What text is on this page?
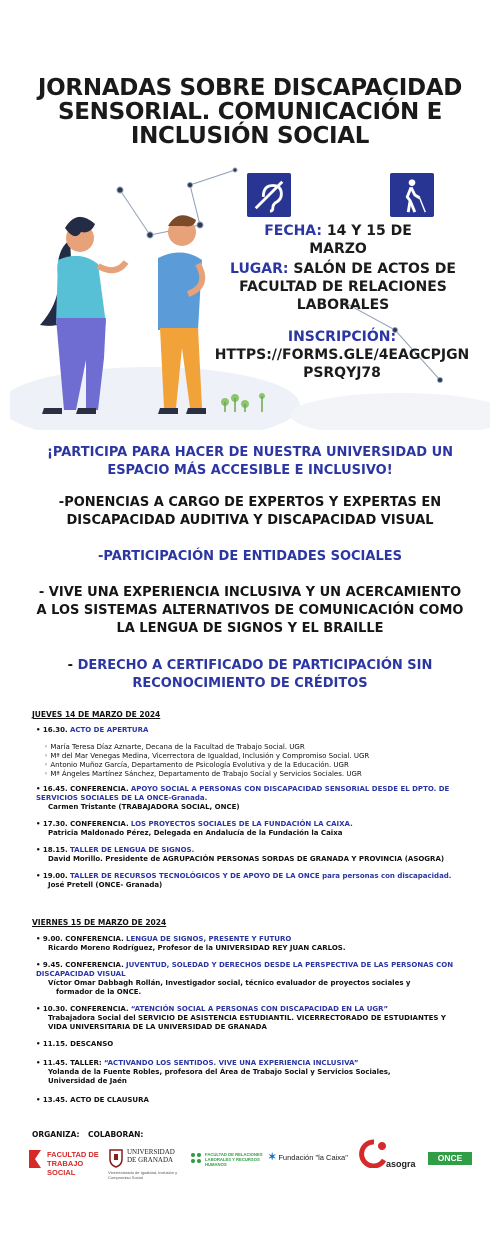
JORNADAS SOBRE DISCAPACIDAD
SENSORIAL. COMUNICACIÓN E
INCLUSIÓN SOCIAL
FECHA: 14 Y 15 DE MARZO
LUGAR: SALÓN DE ACTOS DE
FACULTAD DE RELACIONES
LABORALES
INSCRIPCIÓN:
HTTPS://FORMS.GLE/4EAGCPJGN
PSRQYJ78
¡PARTICIPA PARA HACER DE NUESTRA UNIVERSIDAD UN
ESPACIO MÁS ACCESIBLE E INCLUSIVO!
-PONENCIAS A CARGO DE EXPERTOS Y EXPERTAS EN
DISCAPACIDAD AUDITIVA Y DISCAPACIDAD VISUAL
-PARTICIPACIÓN DE ENTIDADES SOCIALES
- VIVE UNA EXPERIENCIA INCLUSIVA Y UN ACERCAMIENTO
A LOS SISTEMAS ALTERNATIVOS DE COMUNICACIÓN COMO
LA LENGUA DE SIGNOS Y EL BRAILLE
- DERECHO A CERTIFICADO DE PARTICIPACIÓN SIN
RECONOCIMIENTO DE CRÉDITOS
JUEVES 14 DE MARZO DE 2024
• 16.30. ACTO DE APERTURA
◦ María Teresa Díaz Aznarte, Decana de la Facultad de Trabajo Social. UGR
◦ Mª del Mar Venegas Medina, Vicerrectora de Igualdad, Inclusión y Compromiso Social. UGR
◦ Antonio Muñoz García, Departamento de Psicología Evolutiva y de la Educación. UGR
◦ Mª Ángeles Martínez Sánchez, Departamento de Trabajo Social y Servicios Sociales. UGR
• 16.45. CONFERENCIA. APOYO SOCIAL A PERSONAS CON DISCAPACIDAD SENSORIAL DESDE EL DPTO. DE
SERVICIOS SOCIALES DE LA ONCE-Granada.
Carmen Tristante (TRABAJADORA SOCIAL, ONCE)
• 17.30. CONFERENCIA. LOS PROYECTOS SOCIALES DE LA FUNDACIÓN LA CAIXA.
Patricia Maldonado Pérez, Delegada en Andalucía de la Fundación la Caixa
• 18.15. TALLER DE LENGUA DE SIGNOS.
David Morillo. Presidente de AGRUPACIÓN PERSONAS SORDAS DE GRANADA Y PROVINCIA (ASOGRA)
• 19.00. TALLER DE RECURSOS TECNOLÓGICOS Y DE APOYO DE LA ONCE para personas con discapacidad.
José Pretell (ONCE- Granada)
VIERNES 15 DE MARZO DE 2024
• 9.00. CONFERENCIA. LENGUA DE SIGNOS, PRESENTE Y FUTURO
Ricardo Moreno Rodríguez, Profesor de la UNIVERSIDAD REY JUAN CARLOS.
• 9.45. CONFERENCIA. JUVENTUD, SOLEDAD Y DERECHOS DESDE LA PERSPECTIVA DE LAS PERSONAS CON
DISCAPACIDAD VISUAL
Víctor Omar Dabbagh Rollán, Investigador social, técnico evaluador de proyectos sociales y
formador de la ONCE.
• 10.30. CONFERENCIA. “ATENCIÓN SOCIAL A PERSONAS CON DISCAPACIDAD EN LA UGR”
Trabajadora Social del SERVICIO DE ASISTENCIA ESTUDIANTIL. VICERRECTORADO DE ESTUDIANTES Y
VIDA UNIVERSITARIA DE LA UNIVERSIDAD DE GRANADA
• 11.15. DESCANSO
• 11.45. TALLER: “ACTIVANDO LOS SENTIDOS. VIVE UNA EXPERIENCIA INCLUSIVA”
Yolanda de la Fuente Robles, profesora del Área de Trabajo Social y Servicios Sociales,
Universidad de Jaén
• 13.45. ACTO DE CLAUSURA
ORGANIZA: COLABORAN:
FACULTAD DE TRABAJO SOCIAL
UNIVERSIDAD
DE GRANADA
Vicerrectorado de Igualdad, Inclusión y Compromiso Social
FACULTAD DE RELACIONES LABORALES Y RECURSOS HUMANOS
✶ Fundación "la Caixa"
asogra
ONCE
